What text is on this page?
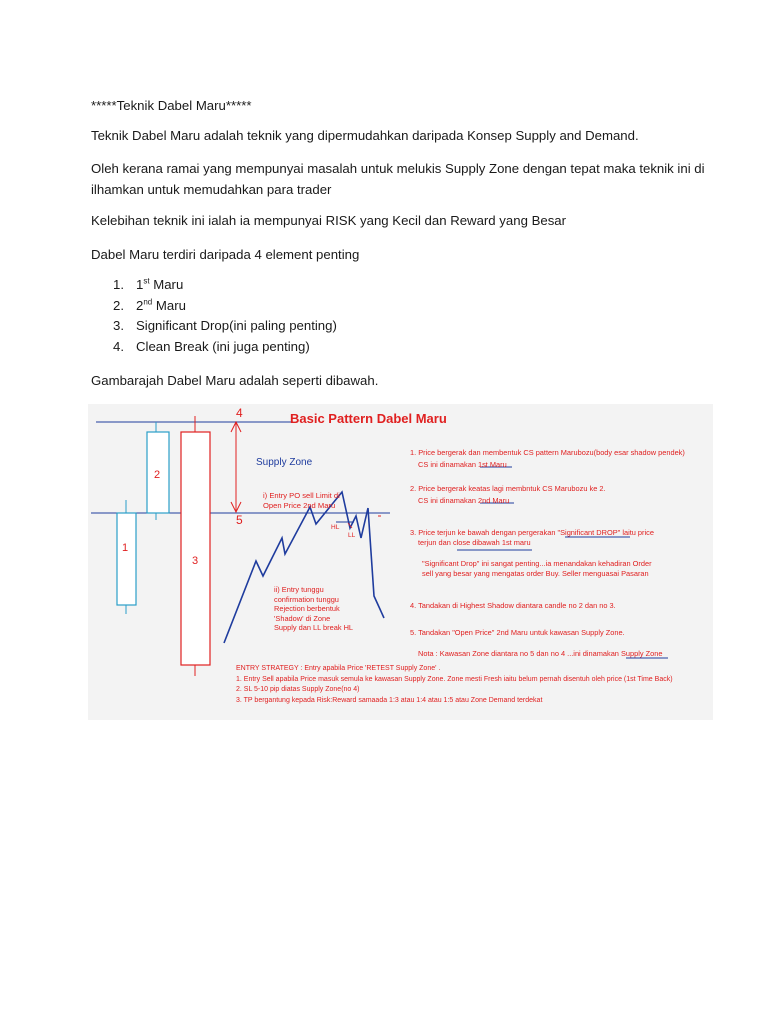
*****Teknik Dabel Maru*****
Teknik Dabel Maru adalah teknik yang dipermudahkan daripada Konsep Supply and Demand.
Oleh kerana ramai yang mempunyai masalah untuk melukis Supply Zone dengan tepat maka teknik ini di
ilhamkan untuk memudahkan para trader
Kelebihan teknik ini ialah ia mempunyai RISK yang Kecil dan Reward yang Besar
Dabel Maru terdiri daripada 4 element penting
1. 1st Maru
2. 2nd Maru
3. Significant Drop(ini paling penting)
4. Clean Break (ini juga penting)
Gambarajah Dabel Maru adalah seperti dibawah.
4	Basic Pattern Dabel Maru
5
1
2
3
Supply Zone
i) Entry PO sell Limit di
Open Price 2nd Maru
ii) Entry tunggu
confirmation tunggu
Rejection berbentuk
'Shadow' di Zone
Supply dan LL break HL
HL
LL
1. Price bergerak dan membentuk CS pattern Marubozu(body esar shadow pendek)
CS ini dinamakan 1st Maru
2. Price bergerak keatas lagi membntuk CS Marubozu ke 2.
CS ini dinamakan 2nd Maru
3. Price terjun ke bawah dengan pergerakan "Significant DROP" laitu price
terjun dan close dibawah 1st maru
"Significant Drop" ini sangat penting...ia menandakan kehadiran Order
sell yang besar yang mengatas order Buy. Seller menguasai Pasaran
4. Tandakan di Highest Shadow diantara candle no 2 dan no 3.
5. Tandakan "Open Price" 2nd Maru untuk kawasan Supply Zone.
Nota : Kawasan Zone diantara no 5 dan no 4 ...ini dinamakan Supply Zone
ENTRY STRATEGY : Entry apabila Price 'RETEST Supply Zone' .
1. Entry Sell apabila Price masuk semula ke kawasan Supply Zone. Zone mesti Fresh iaitu belum pernah disentuh oleh price (1st Time Back)
2. SL 5-10 pip diatas Supply Zone(no 4)
3. TP bergantung kepada Risk:Reward samaada 1:3 atau 1:4 atau 1:5 atau Zone Demand terdekat
